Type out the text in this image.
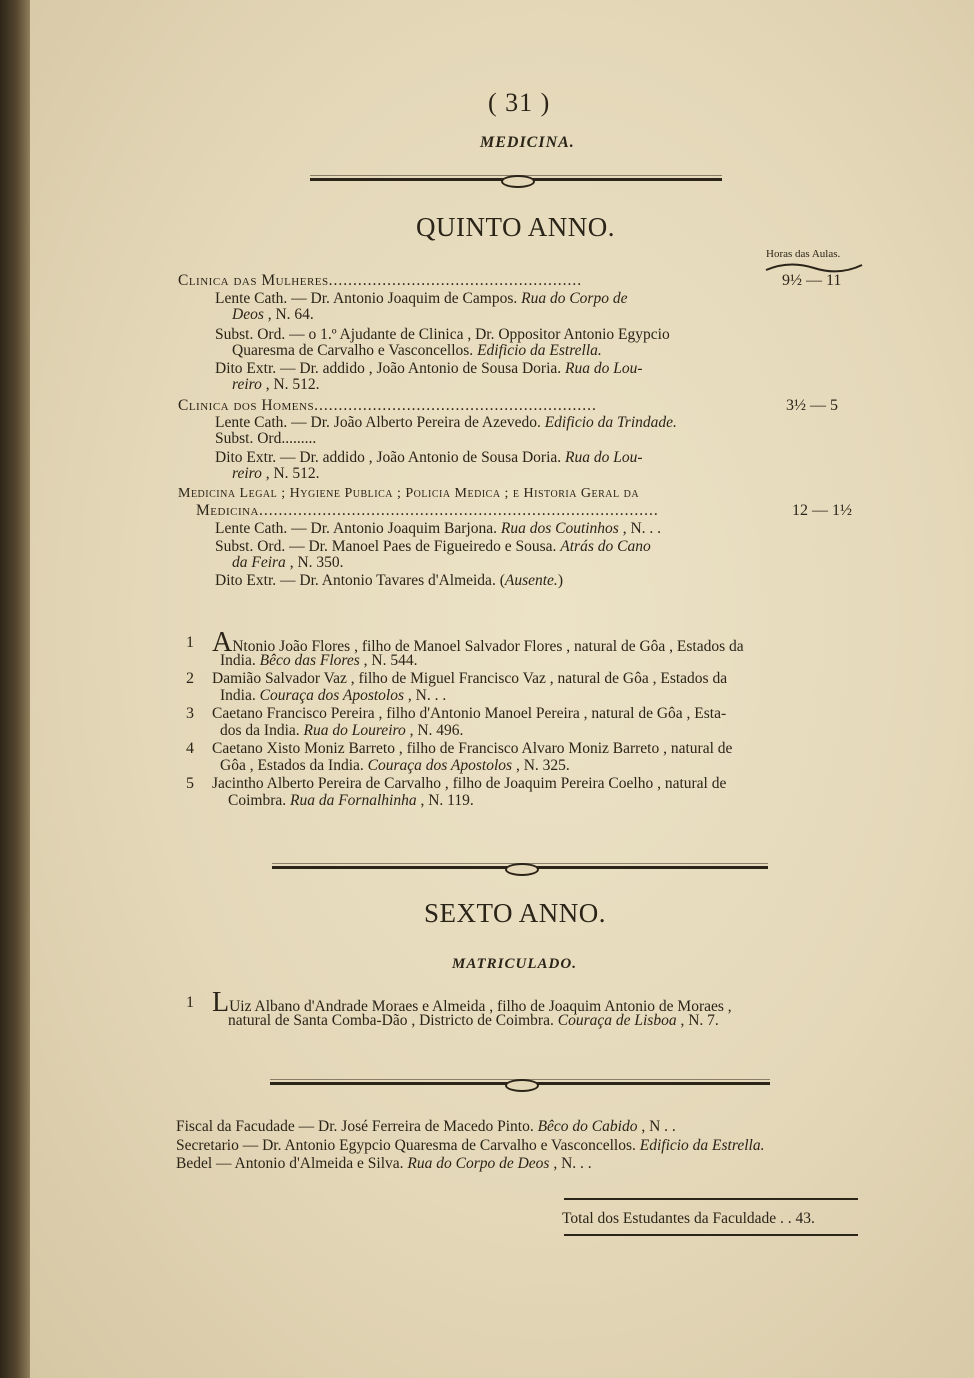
( 31 )
MEDICINA.
QUINTO ANNO.
Horas das Aulas.
Clinica das Mulheres....................................................	9½ — 11
Lente Cath. — Dr. Antonio Joaquim de Campos. Rua do Corpo de
Deos , N. 64.
Subst. Ord. — o 1.º Ajudante de Clinica , Dr. Oppositor Antonio Egypcio
Quaresma de Carvalho e Vasconcellos. Edificio da Estrella.
Dito Extr. — Dr. addido , João Antonio de Sousa Doria. Rua do Lou-
reiro , N. 512.
Clinica dos Homens..........................................................	3½ — 5
Lente Cath. — Dr. João Alberto Pereira de Azevedo. Edificio da Trindade.
Subst. Ord.........
Dito Extr. — Dr. addido , João Antonio de Sousa Doria. Rua do Lou-
reiro , N. 512.
Medicina Legal ; Hygiene Publica ; Policia Medica ; e Historia Geral da
Medicina..................................................................................	12 — 1½
Lente Cath. — Dr. Antonio Joaquim Barjona. Rua dos Coutinhos , N. . .
Subst. Ord. — Dr. Manoel Paes de Figueiredo e Sousa. Atrás do Cano
da Feira , N. 350.
Dito Extr. — Dr. Antonio Tavares d'Almeida. (Ausente.)
1 ANtonio João Flores , filho de Manoel Salvador Flores , natural de Gôa , Estados da
India. Bêco das Flores , N. 544.
2 Damião Salvador Vaz , filho de Miguel Francisco Vaz , natural de Gôa , Estados da
India. Couraça dos Apostolos , N. . .
3 Caetano Francisco Pereira , filho d'Antonio Manoel Pereira , natural de Gôa , Esta-
dos da India. Rua do Loureiro , N. 496.
4 Caetano Xisto Moniz Barreto , filho de Francisco Alvaro Moniz Barreto , natural de
Gôa , Estados da India. Couraça dos Apostolos , N. 325.
5 Jacintho Alberto Pereira de Carvalho , filho de Joaquim Pereira Coelho , natural de
Coimbra. Rua da Fornalhinha , N. 119.
SEXTO ANNO.
MATRICULADO.
1 LUiz Albano d'Andrade Moraes e Almeida , filho de Joaquim Antonio de Moraes ,
natural de Santa Comba-Dão , Districto de Coimbra. Couraça de Lisboa , N. 7.
Fiscal da Facudade — Dr. José Ferreira de Macedo Pinto. Bêco do Cabido , N . .
Secretario — Dr. Antonio Egypcio Quaresma de Carvalho e Vasconcellos. Edificio da Estrella.
Bedel — Antonio d'Almeida e Silva. Rua do Corpo de Deos , N. . .
Total dos Estudantes da Faculdade . . 43.
